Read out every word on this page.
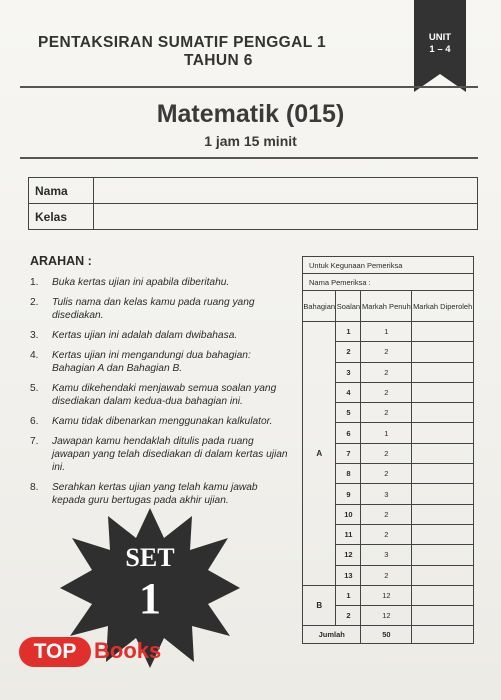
PENTAKSIRAN SUMATIF PENGGAL 1
TAHUN 6
UNIT
1 – 4
Matematik (015)
1 jam 15 minit
Nama	
Kelas	
ARAHAN :
1. Buka kertas ujian ini apabila diberitahu.
2. Tulis nama dan kelas kamu pada ruang yang disediakan.
3. Kertas ujian ini adalah dalam dwibahasa.
4. Kertas ujian ini mengandungi dua bahagian: Bahagian A dan Bahagian B.
5. Kamu dikehendaki menjawab semua soalan yang disediakan dalam kedua-dua bahagian ini.
6. Kamu tidak dibenarkan menggunakan kalkulator.
7. Jawapan kamu hendaklah ditulis pada ruang jawapan yang telah disediakan di dalam kertas ujian ini.
8. Serahkan kertas ujian yang telah kamu jawab kepada guru bertugas pada akhir ujian.
Untuk Kegunaan Pemeriksa			
Nama Pemeriksa :			
Bahagian	Soalan	Markah Penuh	Markah Diperoleh
A	1	1	
	2	2	
	3	2	
	4	2	
	5	2	
	6	1	
	7	2	
	8	2	
	9	3	
	10	2	
	11	2	
	12	3	
	13	2	
B	1	12	
	2	12	
Jumlah		50	
SET
1
TOP Books
